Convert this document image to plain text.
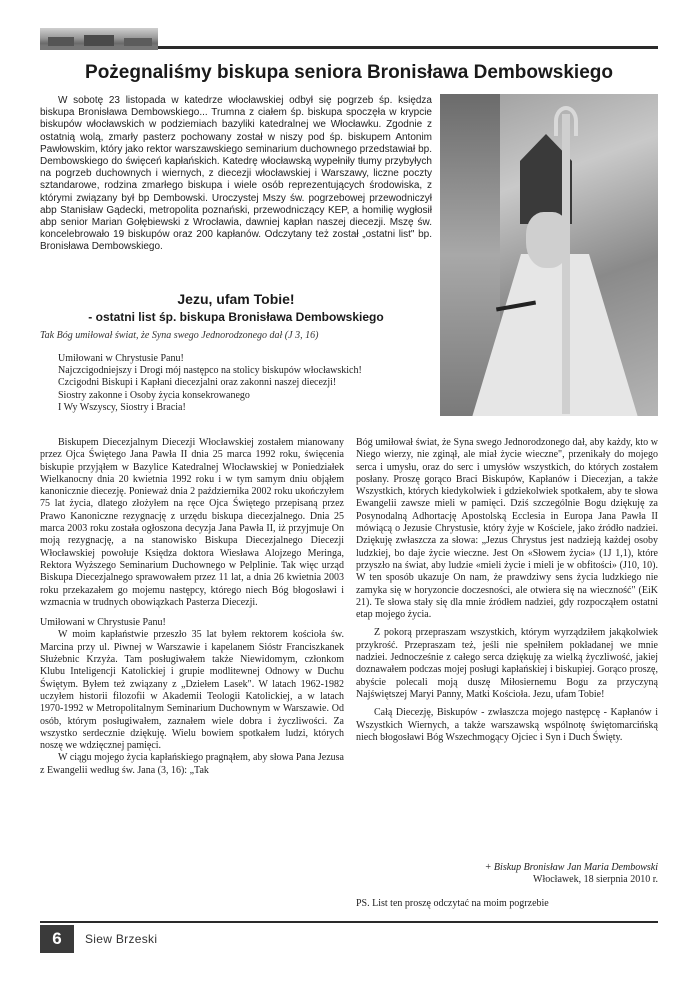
Pożegnaliśmy biskupa seniora Bronisława Dembowskiego

W sobotę 23 listopada w katedrze włocławskiej odbył się pogrzeb śp. księdza biskupa Bronisława Dembowskiego... Trumna z ciałem śp. biskupa spoczęła w krypcie biskupów włocławskich w podziemiach bazyliki katedralnej we Włocławku. Zgodnie z ostatnią wolą, zmarły pasterz pochowany został w niszy pod śp. biskupem Antonim Pawłowskim, który jako rektor warszawskiego seminarium duchownego przedstawiał bp. Dembowskiego do święceń kapłańskich. Katedrę włocławską wypełniły tłumy przybyłych na pogrzeb duchownych i wiernych, z diecezji włocławskiej i Warszawy, liczne poczty sztandarowe, rodzina zmarłego biskupa i wiele osób reprezentujących środowiska, z którymi związany był bp Dembowski. Uroczystej Mszy św. pogrzebowej przewodniczył abp Stanisław Gądecki, metropolita poznański, przewodniczący KEP, a homilię wygłosił abp senior Marian Gołębiewski z Wrocławia, dawniej kapłan naszej diecezji. Mszę św. koncelebrowało 19 biskupów oraz 200 kapłanów. Odczytany też został „ostatni list" bp. Bronisława Dembowskiego.

Jezu, ufam Tobie!
- ostatni list śp. biskupa Bronisława Dembowskiego
Tak Bóg umiłował świat, że Syna swego Jednorodzonego dał (J 3, 16)
Umiłowani w Chrystusie Panu!
Najczcigodniejszy i Drogi mój następco na stolicy biskupów włocławskich!
Czcigodni Biskupi i Kapłani diecezjalni oraz zakonni naszej diecezji!
Siostry zakonne i Osoby życia konsekrowanego
I Wy Wszyscy, Siostry i Bracia!

Biskupem Diecezjalnym Diecezji Włocławskiej zostałem mianowany przez Ojca Świętego Jana Pawła II dnia 25 marca 1992 roku, święcenia biskupie przyjąłem w Bazylice Katedralnej Włocławskiej w Poniedziałek Wielkanocny dnia 20 kwietnia 1992 roku i w tym samym dniu objąłem kanonicznie diecezję. Ponieważ dnia 2 października 2002 roku ukończyłem 75 lat życia, dlatego złożyłem na ręce Ojca Świętego przepisaną przez Prawo Kanoniczne rezygnację z urzędu biskupa diecezjalnego. Dnia 25 marca 2003 roku została ogłoszona decyzja Jana Pawła II, iż przyjmuje On moją rezygnację, a na stanowisko Biskupa Diecezjalnego Diecezji Włocławskiej powołuje Księdza doktora Wiesława Alojzego Meringa, Rektora Wyższego Seminarium Duchownego w Pelplinie. Tak więc urząd Biskupa Diecezjalnego sprawowałem przez 11 lat, a dnia 26 kwietnia 2003 roku przekazałem go mojemu następcy, którego niech Bóg błogosławi i wzmacnia w trudnych obowiązkach Pasterza Diecezji.

Umiłowani w Chrystusie Panu!

W moim kapłaństwie przeszło 35 lat byłem rektorem kościoła św. Marcina przy ul. Piwnej w Warszawie i kapelanem Sióstr Franciszkanek Służebnic Krzyża. Tam posługiwałem także Niewidomym, członkom Klubu Inteligencji Katolickiej i grupie modlitewnej Odnowy w Duchu Świętym. Byłem też związany z „Dziełem Lasek". W latach 1962-1982 uczyłem historii filozofii w Akademii Teologii Katolickiej, a w latach 1970-1992 w Metropolitalnym Seminarium Duchownym w Warszawie. Od osób, którym posługiwałem, zaznałem wiele dobra i życzliwości. Za wszystko serdecznie dziękuję. Wielu bowiem spotkałem ludzi, których noszę we wdzięcznej pamięci.

W ciągu mojego życia kapłańskiego pragnąłem, aby słowa Pana Jezusa z Ewangelii według św. Jana (3, 16): „Tak

Bóg umiłował świat, że Syna swego Jednorodzonego dał, aby każdy, kto w Niego wierzy, nie zginął, ale miał życie wieczne", przenikały do mojego serca i umysłu, oraz do serc i umysłów wszystkich, do których zostałem posłany. Proszę gorąco Braci Biskupów, Kapłanów i Diecezjan, a także Wszystkich, których kiedykolwiek i gdziekolwiek spotkałem, aby te słowa Ewangelii zawsze mieli w pamięci. Dziś szczególnie Bogu dziękuję za Posynodalną Adhortację Apostolską Ecclesia in Europa Jana Pawła II mówiącą o Jezusie Chrystusie, który żyje w Kościele, jako źródło nadziei. Dziękuję zwłaszcza za słowa: „Jezus Chrystus jest nadzieją każdej osoby ludzkiej, bo daje życie wieczne. Jest On «Słowem życia» (1J 1,1), które przyszło na świat, aby ludzie «mieli życie i mieli je w obfitości» (J10, 10). W ten sposób ukazuje On nam, że prawdziwy sens życia ludzkiego nie zamyka się w horyzoncie doczesności, ale otwiera się na wieczność" (EiK 21). Te słowa stały się dla mnie źródłem nadziei, gdy rozpocząłem ostatni etap mojego życia.

Z pokorą przepraszam wszystkich, którym wyrządziłem jakąkolwiek przykrość. Przepraszam też, jeśli nie spełniłem pokładanej we mnie nadziei. Jednocześnie z całego serca dziękuję za wielką życzliwość, jakiej doznawałem podczas mojej posługi kapłańskiej i biskupiej. Gorąco proszę, abyście polecali moją duszę Miłosiernemu Bogu za przyczyną Najświętszej Maryi Panny, Matki Kościoła. Jezu, ufam Tobie!

Całą Diecezję, Biskupów - zwłaszcza mojego następcę - Kapłanów i Wszystkich Wiernych, a także warszawską wspólnotę świętomarcińską niech błogosławi Bóg Wszechmogący Ojciec i Syn i Duch Święty.

+ Biskup Bronisław Jan Maria Dembowski
Włocławek, 18 sierpnia 2010 r.
PS. List ten proszę odczytać na moim pogrzebie
6	Siew Brzeski
